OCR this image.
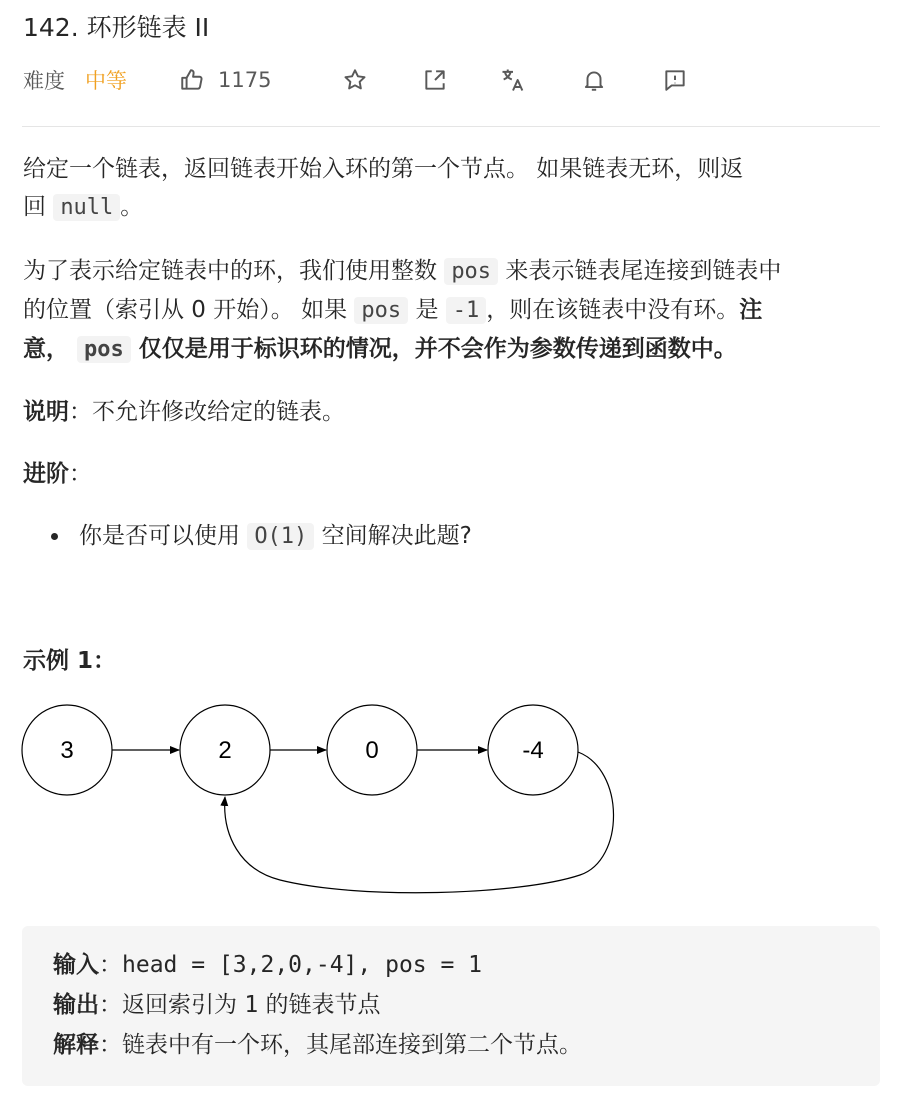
142. 环形链表 II
难度 中等	1175

给定一个链表，返回链表开始入环的第一个节点。 如果链表无环，则返
回 null 。

为了表示给定链表中的环，我们使用整数 pos 来表示链表尾连接到链表中
的位置（索引从 0 开始）。 如果 pos 是 -1 ，则在该链表中没有环。注
意， pos 仅仅是用于标识环的情况，并不会作为参数传递到函数中。

说明：不允许修改给定的链表。

进阶：

• 你是否可以使用 O(1) 空间解决此题?

示例 1：

3	2	0	-4
输入：head = [3,2,0,-4], pos = 1
输出：返回索引为 1 的链表节点
解释：链表中有一个环，其尾部连接到第二个节点。
